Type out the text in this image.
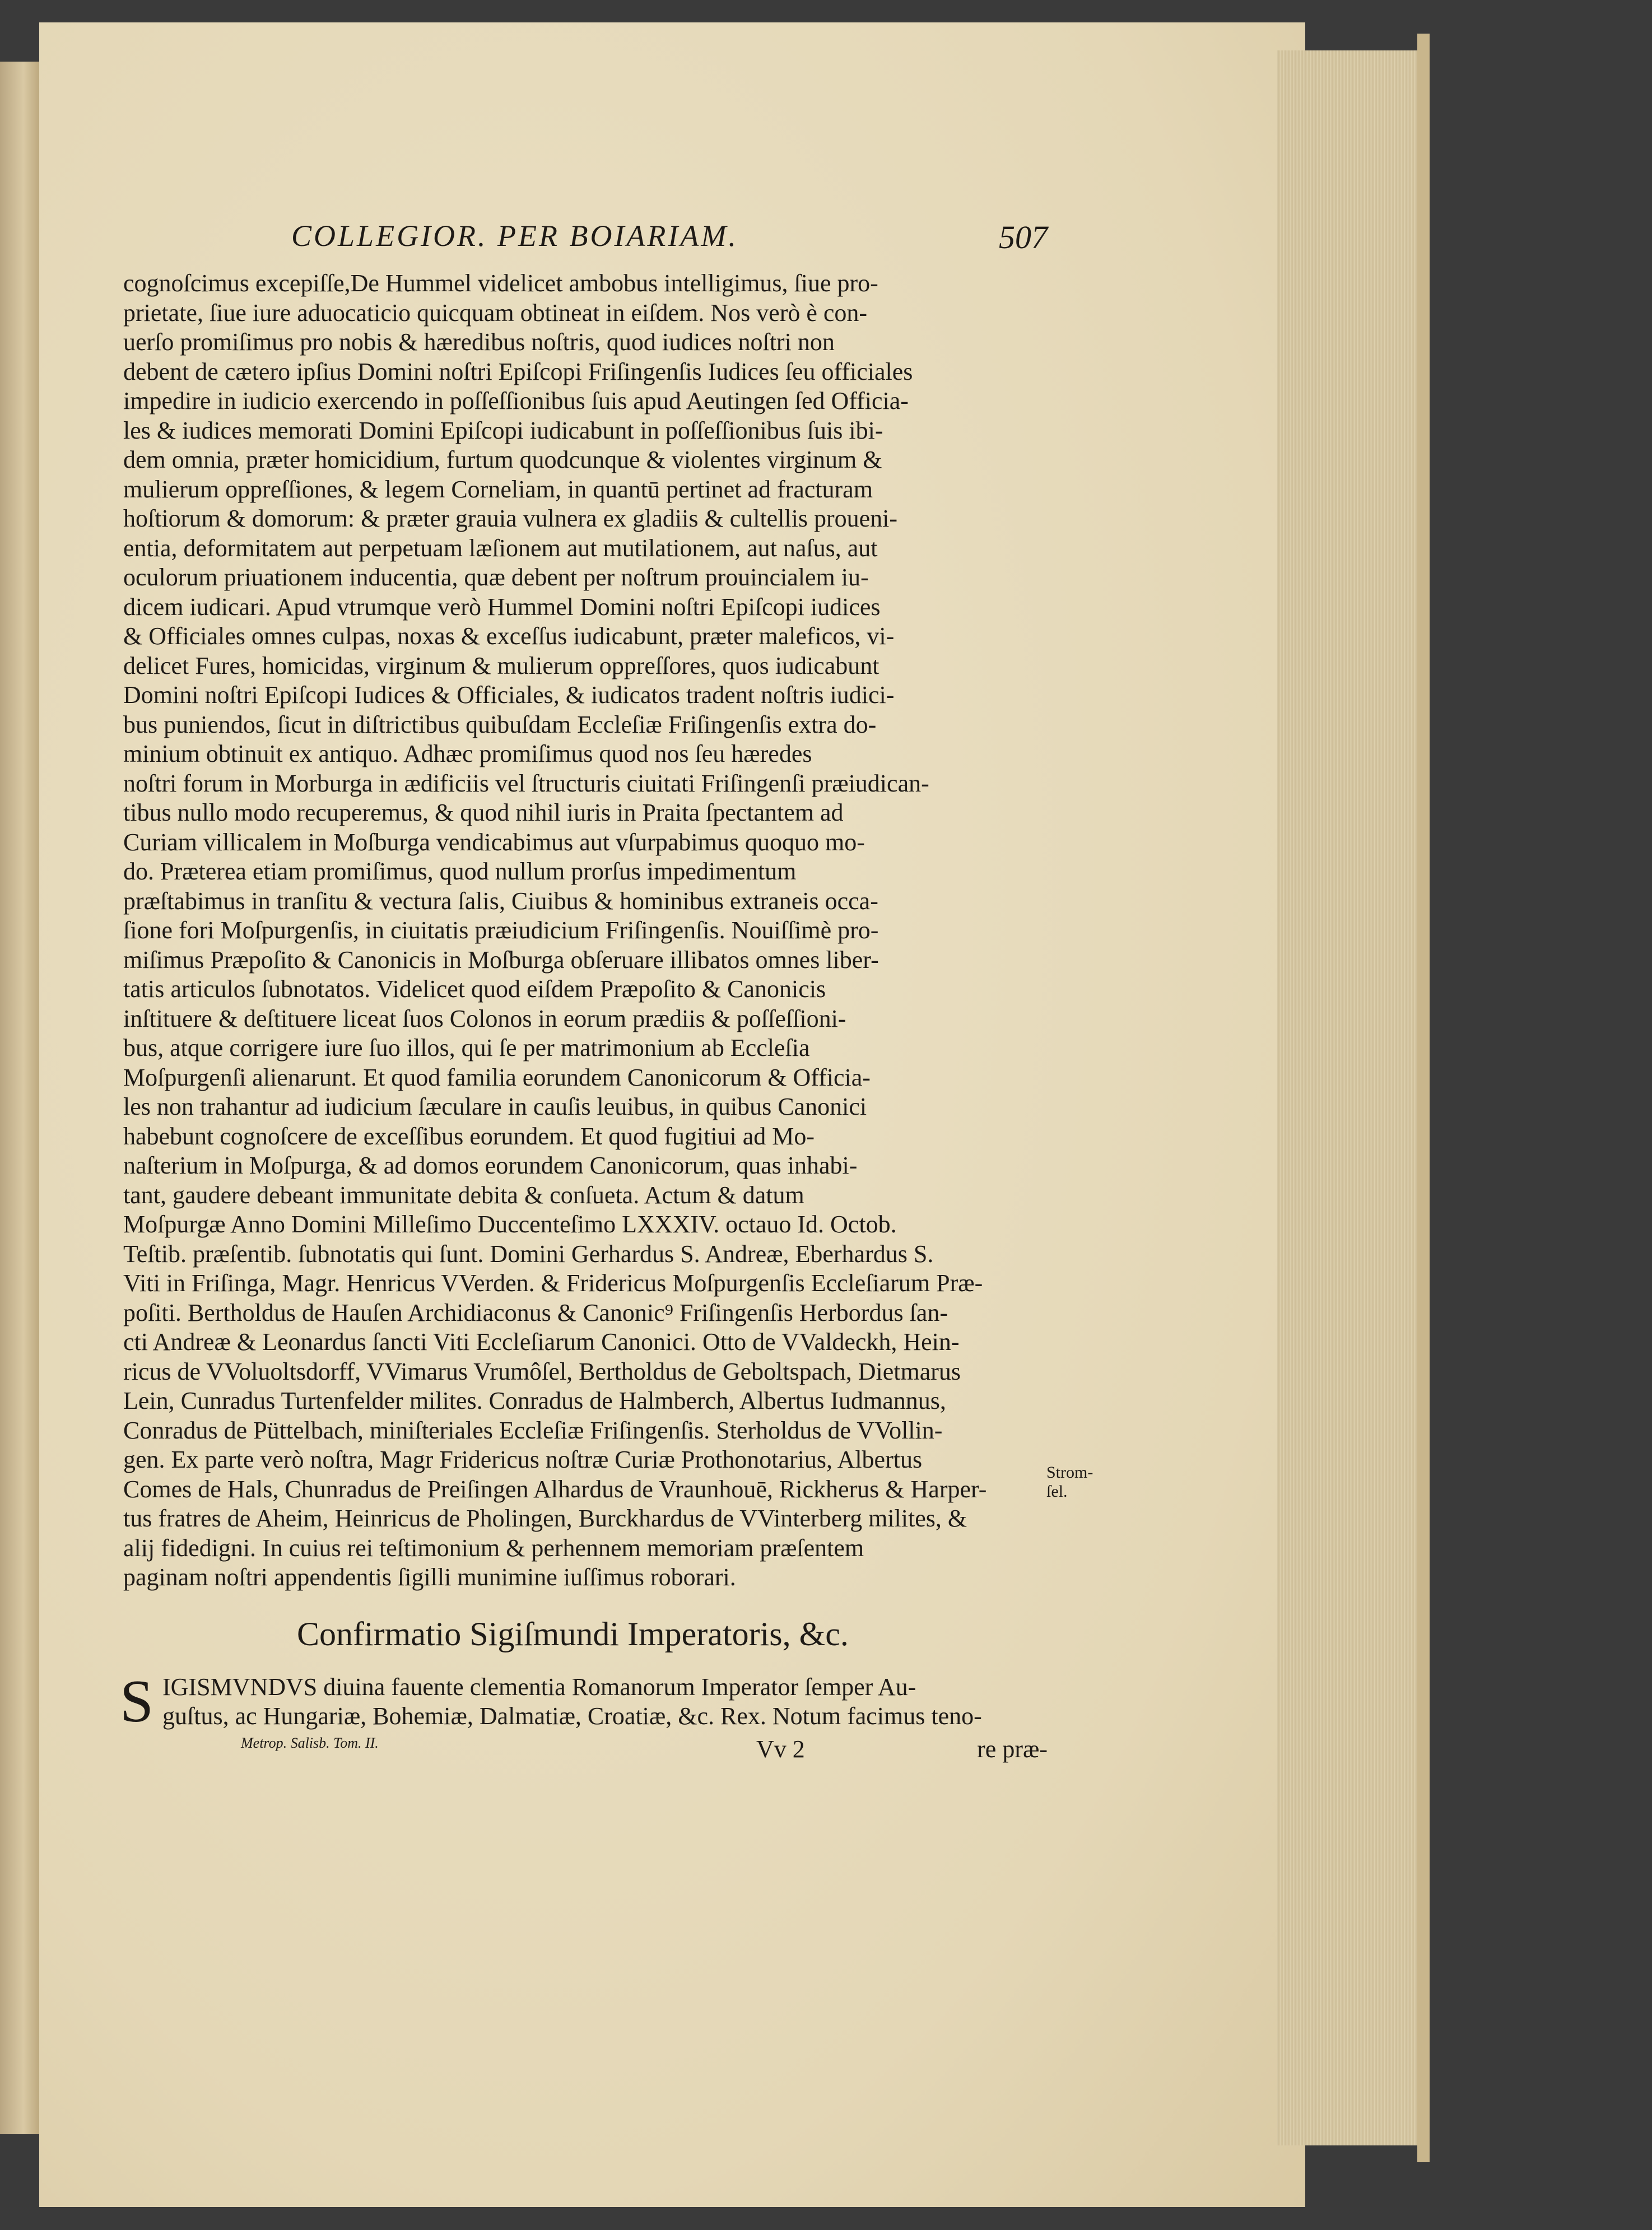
COLLEGIOR. PER BOIARIAM.	507
cognoſcimus excepiſſe,De Hummel videlicet ambobus intelligimus, ſiue pro-
prietate, ſiue iure aduocaticio quicquam obtineat in eiſdem. Nos verò è con-
uerſo promiſimus pro nobis & hæredibus noſtris, quod iudices noſtri non
debent de cætero ipſius Domini noſtri Epiſcopi Friſingenſis Iudices ſeu officiales
impedire in iudicio exercendo in poſſeſſionibus ſuis apud Aeutingen ſed Officia-
les & iudices memorati Domini Epiſcopi iudicabunt in poſſeſſionibus ſuis ibi-
dem omnia, præter homicidium, furtum quodcunque & violentes virginum &
mulierum oppreſſiones, & legem Corneliam, in quantū pertinet ad fracturam
hoſtiorum & domorum: & præter grauia vulnera ex gladiis & cultellis proueni-
entia, deformitatem aut perpetuam læſionem aut mutilationem, aut naſus, aut
oculorum priuationem inducentia, quæ debent per noſtrum prouincialem iu-
dicem iudicari. Apud vtrumque verò Hummel Domini noſtri Epiſcopi iudices
& Officiales omnes culpas, noxas & exceſſus iudicabunt, præter maleficos, vi-
delicet Fures, homicidas, virginum & mulierum oppreſſores, quos iudicabunt
Domini noſtri Epiſcopi Iudices & Officiales, & iudicatos tradent noſtris iudici-
bus puniendos, ſicut in diſtrictibus quibuſdam Eccleſiæ Friſingenſis extra do-
minium obtinuit ex antiquo. Adhæc promiſimus quod nos ſeu hæredes
noſtri forum in Morburga in ædificiis vel ſtructuris ciuitati Friſingenſi præiudican-
tibus nullo modo recuperemus, & quod nihil iuris in Praita ſpectantem ad
Curiam villicalem in Moſburga vendicabimus aut vſurpabimus quoquo mo-
do. Præterea etiam promiſimus, quod nullum prorſus impedimentum
præſtabimus in tranſitu & vectura ſalis, Ciuibus & hominibus extraneis occa-
ſione fori Moſpurgenſis, in ciuitatis præiudicium Friſingenſis. Nouiſſimè pro-
miſimus Præpoſito & Canonicis in Moſburga obſeruare illibatos omnes liber-
tatis articulos ſubnotatos. Videlicet quod eiſdem Præpoſito & Canonicis
inſtituere & deſtituere liceat ſuos Colonos in eorum prædiis & poſſeſſioni-
bus, atque corrigere iure ſuo illos, qui ſe per matrimonium ab Eccleſia
Moſpurgenſi alienarunt. Et quod familia eorundem Canonicorum & Officia-
les non trahantur ad iudicium ſæculare in cauſis leuibus, in quibus Canonici
habebunt cognoſcere de exceſſibus eorundem. Et quod fugitiui ad Mo-
naſterium in Moſpurga, & ad domos eorundem Canonicorum, quas inhabi-
tant, gaudere debeant immunitate debita & conſueta. Actum & datum
Moſpurgæ Anno Domini Milleſimo Duccenteſimo LXXXIV. octauo Id. Octob.
Teſtib. præſentib. ſubnotatis qui ſunt. Domini Gerhardus S. Andreæ, Eberhardus S.
Viti in Friſinga, Magr. Henricus VVerden. & Fridericus Moſpurgenſis Eccleſiarum Præ-
poſiti. Bertholdus de Hauſen Archidiaconus & Canonic⁹ Friſingenſis Herbordus ſan-
cti Andreæ & Leonardus ſancti Viti Eccleſiarum Canonici. Otto de VValdeckh, Hein-
ricus de VVoluoltsdorff, VVimarus Vrumôſel, Bertholdus de Geboltspach, Dietmarus
Lein, Cunradus Turtenfelder milites. Conradus de Halmberch, Albertus Iudmannus,
Conradus de Püttelbach, miniſteriales Eccleſiæ Friſingenſis. Sterholdus de VVollin-
gen. Ex parte verò noſtra, Magr Fridericus noſtræ Curiæ Prothonotarius, Albertus
Comes de Hals, Chunradus de Preiſingen Alhardus de Vraunhouē, Rickherus & Harper-
tus fratres de Aheim, Heinricus de Pholingen, Burckhardus de VVinterberg milites, &
alij fidedigni. In cuius rei teſtimonium & perhennem memoriam præſentem
paginam noſtri appendentis ſigilli munimine iuſſimus roborari.
Confirmatio Sigiſmundi Imperatoris, &c.
S IGISMVNDVS diuina fauente clementia Romanorum Imperator ſemper Au-
guſtus, ac Hungariæ, Bohemiæ, Dalmatiæ, Croatiæ, &c. Rex. Notum facimus teno-
Metrop. Salisb. Tom. II.	Vv 2	re præ-
Strom-
ſel.
